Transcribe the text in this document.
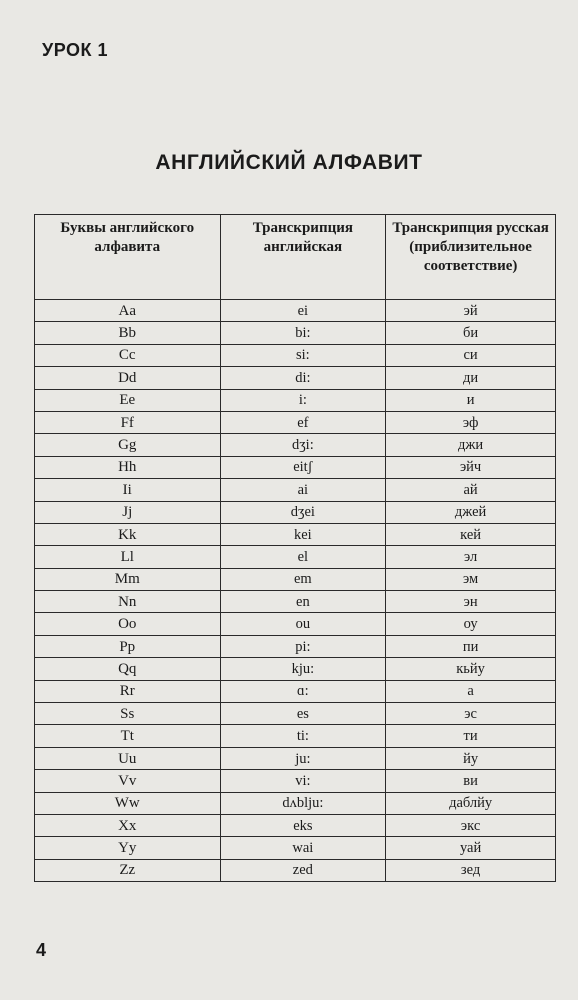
УРОК 1
АНГЛИЙСКИЙ АЛФАВИТ
Буквы английского алфавита	Транскрипция английская	Транскрипция русская (приблизительное соответствие)
Aa	ei	эй
Bb	bi:	би
Cc	si:	си
Dd	di:	ди
Ee	i:	и
Ff	ef	эф
Gg	dʒi:	джи
Hh	eitʃ	эйч
Ii	ai	ай
Jj	dʒei	джей
Kk	kei	кей
Ll	el	эл
Mm	em	эм
Nn	en	эн
Oo	ou	оу
Pp	pi:	пи
Qq	kju:	кьйу
Rr	ɑ:	а
Ss	es	эс
Tt	ti:	ти
Uu	ju:	йу
Vv	vi:	ви
Ww	dʌblju:	даблйу
Xx	eks	экс
Yy	wai	уай
Zz	zed	зед
4
